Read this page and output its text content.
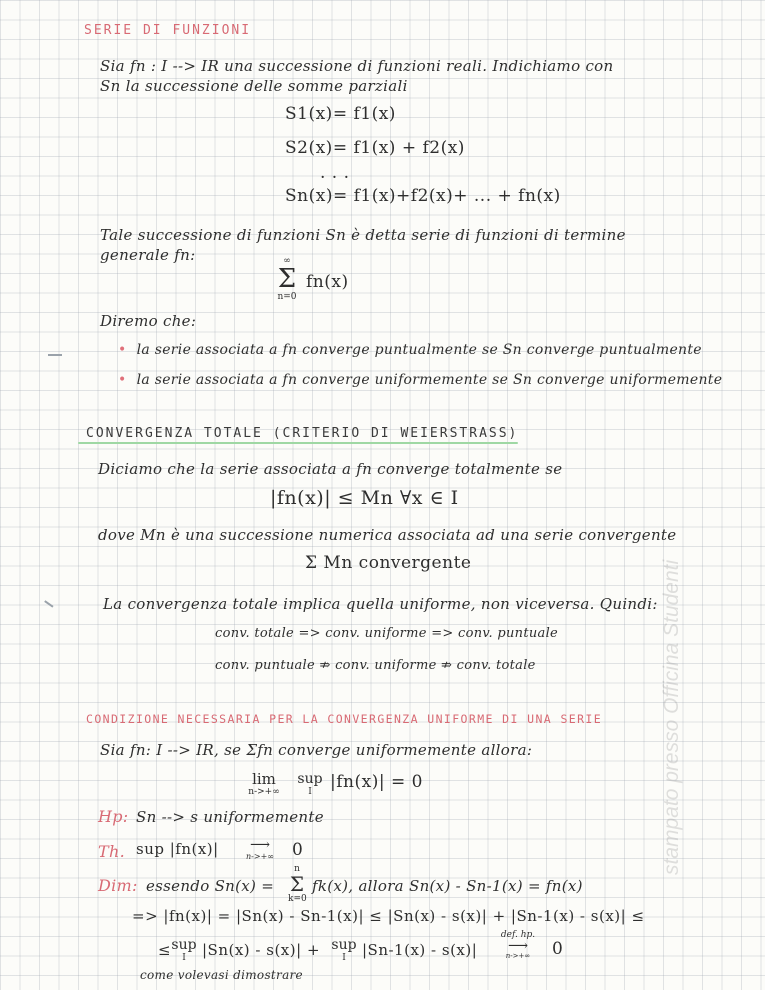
SERIE DI FUNZIONI
Sia fn : I --> IR una successione di funzioni reali. Indichiamo con
Sn la successione delle somme parziali
S1(x)= f1(x)
S2(x)= f1(x) + f2(x)
. . .
Sn(x)= f1(x)+f2(x)+ ... + fn(x)
Tale successione di funzioni Sn è detta serie di funzioni di termine
generale fn:	∞
Σ
n=0
fn(x)
Diremo che:
• la serie associata a fn converge puntualmente se Sn converge puntualmente
• la serie associata a fn converge uniformemente se Sn converge uniformemente
CONVERGENZA TOTALE (CRITERIO DI WEIERSTRASS)
Diciamo che la serie associata a fn converge totalmente se
|fn(x)| ≤ Mn ∀x ∈ I
dove Mn è una successione numerica associata ad una serie convergente
Σ Mn convergente
La convergenza totale implica quella uniforme, non viceversa. Quindi:
conv. totale => conv. uniforme => conv. puntuale
conv. puntuale ⇏ conv. uniforme ⇏ conv. totale
CONDIZIONE NECESSARIA PER LA CONVERGENZA UNIFORME DI UNA SERIE
Sia fn: I --> IR, se Σfn converge uniformemente allora:
lim
n->+∞
sup
I	|fn(x)| = 0
Hp: Sn --> s uniformemente
Th. sup |fn(x)|	⟶
n->+∞	0
Dim: essendo Sn(x) =
n
Σ
k=0
fk(x), allora Sn(x) - Sn-1(x) = fn(x)
=> |fn(x)| = |Sn(x) - Sn-1(x)| ≤ |Sn(x) - s(x)| + |Sn-1(x) - s(x)| ≤
≤ sup
I	|Sn(x) - s(x)| + sup
I	|Sn-1(x) - s(x)|
def. hp.
⟶
n->+∞	0
come volevasi dimostrare
stampato presso Officina Studenti
